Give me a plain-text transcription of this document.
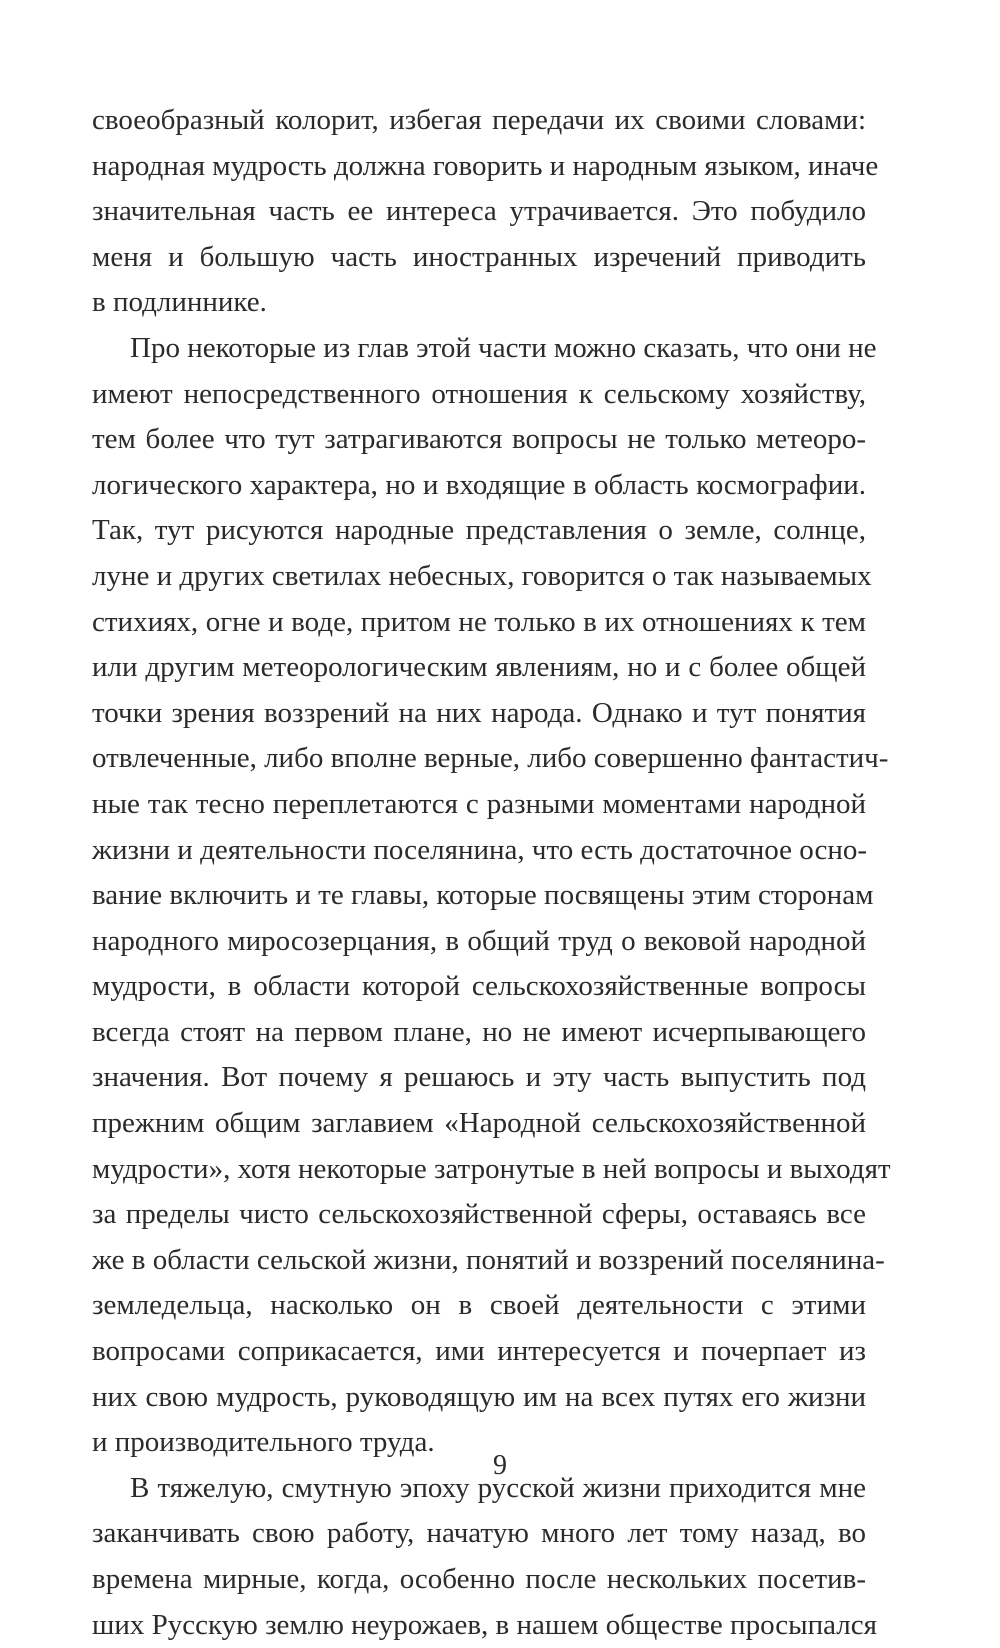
своеобразный колорит, избегая передачи их своими словами:
народная мудрость должна говорить и народным языком, иначе
значительная часть ее интереса утрачивается. Это побудило
меня и большую часть иностранных изречений приводить
в подлиннике.
Про некоторые из глав этой части можно сказать, что они не
имеют непосредственного отношения к сельскому хозяйству,
тем более что тут затрагиваются вопросы не только метеоро-
логического характера, но и входящие в область космографии.
Так, тут рисуются народные представления о земле, солнце,
луне и других светилах небесных, говорится о так называемых
стихиях, огне и воде, притом не только в их отношениях к тем
или другим метеорологическим явлениям, но и с более общей
точки зрения воззрений на них народа. Однако и тут понятия
отвлеченные, либо вполне верные, либо совершенно фантастич-
ные так тесно переплетаются с разными моментами народной
жизни и деятельности поселянина, что есть достаточное осно-
вание включить и те главы, которые посвящены этим сторонам
народного миросозерцания, в общий труд о вековой народной
мудрости, в области которой сельскохозяйственные вопросы
всегда стоят на первом плане, но не имеют исчерпывающего
значения. Вот почему я решаюсь и эту часть выпустить под
прежним общим заглавием «Народной сельскохозяйственной
мудрости», хотя некоторые затронутые в ней вопросы и выходят
за пределы чисто сельскохозяйственной сферы, оставаясь все
же в области сельской жизни, понятий и воззрений поселянина-
земледельца, насколько он в своей деятельности с этими
вопросами соприкасается, ими интересуется и почерпает из
них свою мудрость, руководящую им на всех путях его жизни
и производительного труда.
В тяжелую, смутную эпоху русской жизни приходится мне
заканчивать свою работу, начатую много лет тому назад, во
времена мирные, когда, особенно после нескольких посетив-
ших Русскую землю неурожаев, в нашем обществе просыпался
9
